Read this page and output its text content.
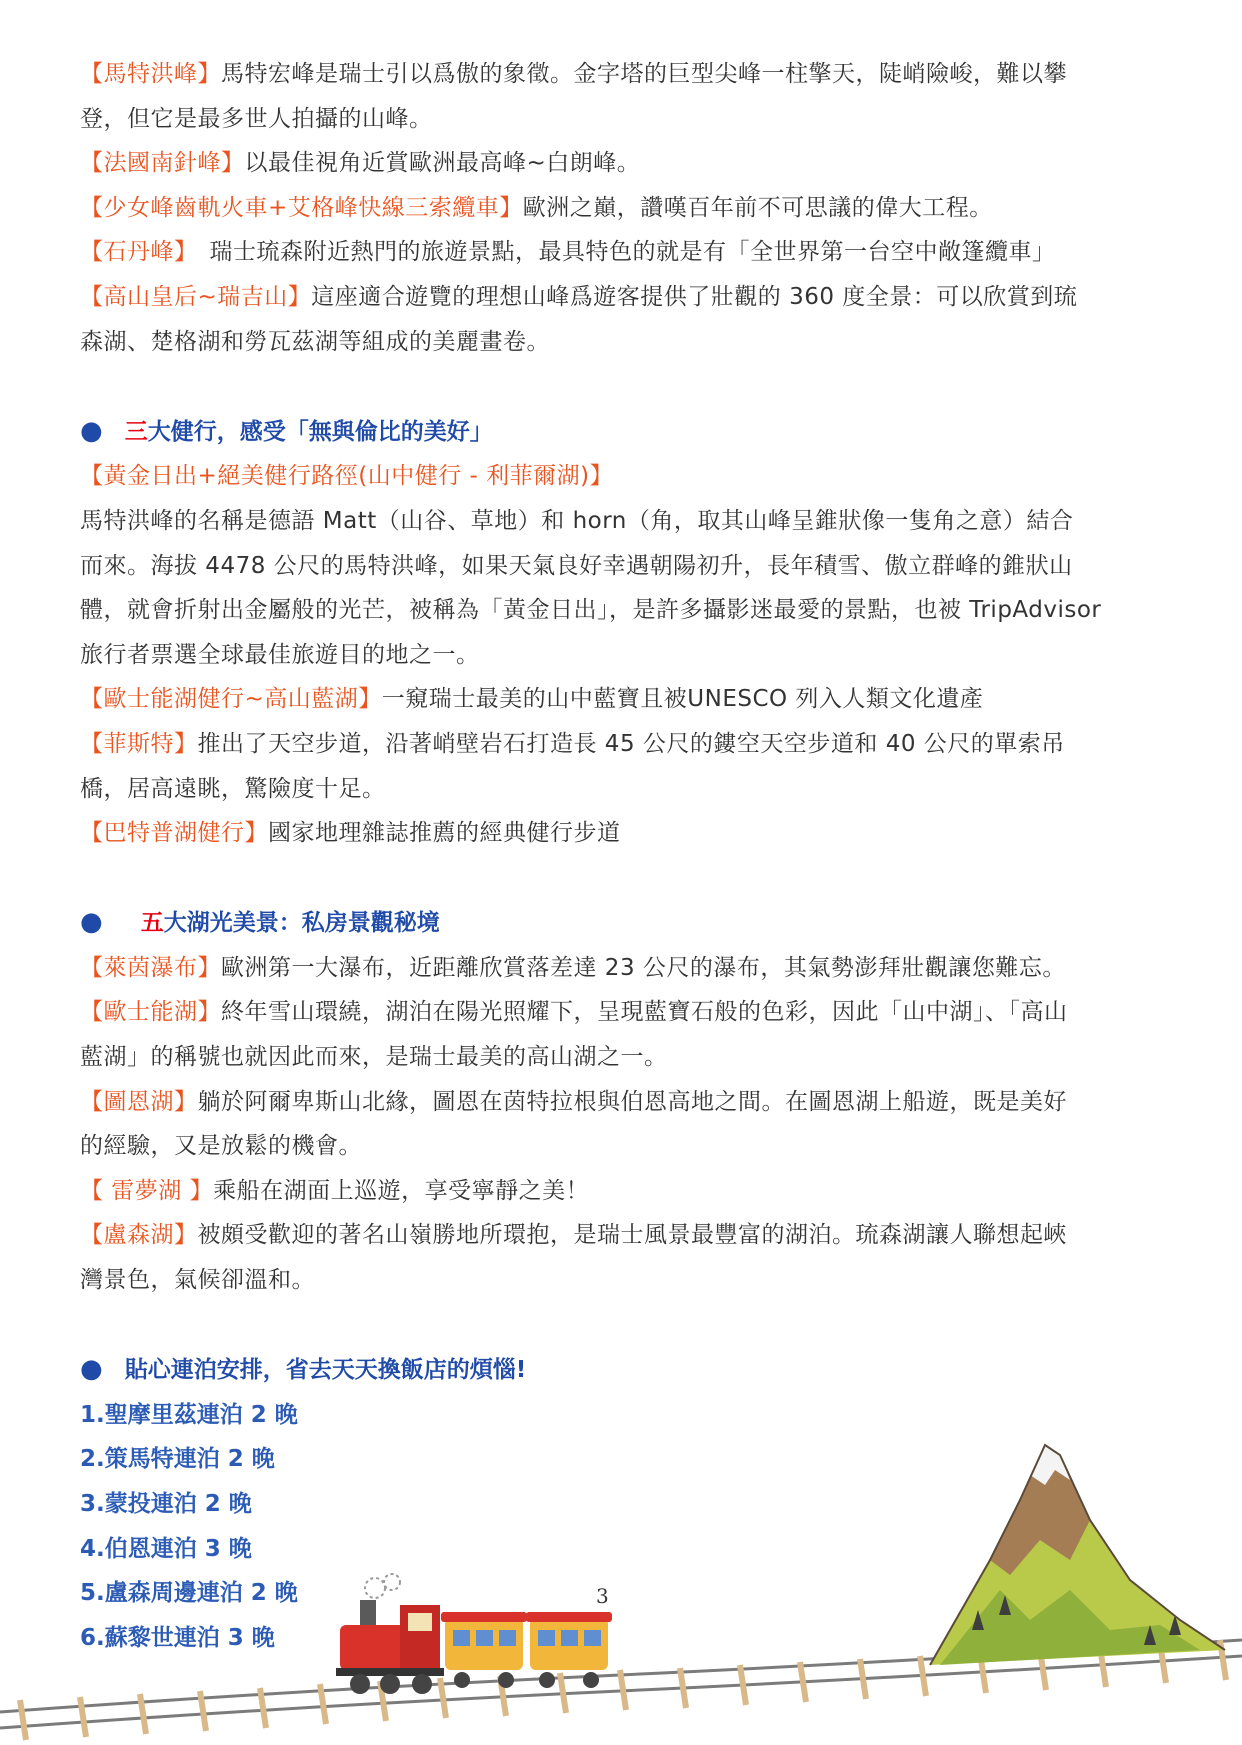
【馬特洪峰】馬特宏峰是瑞士引以爲傲的象徵。金字塔的巨型尖峰一柱擎天，陡峭險峻，難以攀
登，但它是最多世人拍攝的山峰。
【法國南針峰】以最佳視角近賞歐洲最高峰~白朗峰。
【少女峰齒軌火車+艾格峰快線三索纜車】歐洲之巔，讚嘆百年前不可思議的偉大工程。
【石丹峰】　瑞士琉森附近熱門的旅遊景點，最具特色的就是有「全世界第一台空中敞篷纜車」
【高山皇后~瑞吉山】這座適合遊覽的理想山峰爲遊客提供了壯觀的 360 度全景：可以欣賞到琉
森湖、楚格湖和勞瓦茲湖等組成的美麗畫卷。
● 三大健行，感受「無與倫比的美好」
【黃金日出+絕美健行路徑(山中健行 - 利菲爾湖)】
馬特洪峰的名稱是德語 Matt（山谷、草地）和 horn（角，取其山峰呈錐狀像一隻角之意）結合
而來。海拔 4478 公尺的馬特洪峰，如果天氣良好幸遇朝陽初升，長年積雪、傲立群峰的錐狀山
體，就會折射出金屬般的光芒，被稱為「黃金日出」，是許多攝影迷最愛的景點，也被 TripAdvisor
旅行者票選全球最佳旅遊目的地之一。
【歐士能湖健行~高山藍湖】一窺瑞士最美的山中藍寶且被UNESCO 列入人類文化遺產
【菲斯特】推出了天空步道，沿著峭壁岩石打造長 45 公尺的鏤空天空步道和 40 公尺的單索吊
橋，居高遠眺，驚險度十足。
【巴特普湖健行】國家地理雜誌推薦的經典健行步道
● 五大湖光美景：私房景觀秘境
【萊茵瀑布】歐洲第一大瀑布，近距離欣賞落差達 23 公尺的瀑布，其氣勢澎拜壯觀讓您難忘。
【歐士能湖】終年雪山環繞，湖泊在陽光照耀下，呈現藍寶石般的色彩，因此「山中湖」、「高山
藍湖」的稱號也就因此而來，是瑞士最美的高山湖之一。
【圖恩湖】躺於阿爾卑斯山北緣，圖恩在茵特拉根與伯恩高地之間。在圖恩湖上船遊，既是美好
的經驗，又是放鬆的機會。
【 雷夢湖 】乘船在湖面上巡遊，享受寧靜之美！
【盧森湖】被頗受歡迎的著名山嶺勝地所環抱，是瑞士風景最豐富的湖泊。琉森湖讓人聯想起峽
灣景色，氣候卻溫和。
● 貼心連泊安排，省去天天換飯店的煩惱!
1.聖摩里茲連泊 2 晚
2.策馬特連泊 2 晚
3.蒙投連泊 2 晚
4.伯恩連泊 3 晚
5.盧森周邊連泊 2 晚
6.蘇黎世連泊 3 晚
3
